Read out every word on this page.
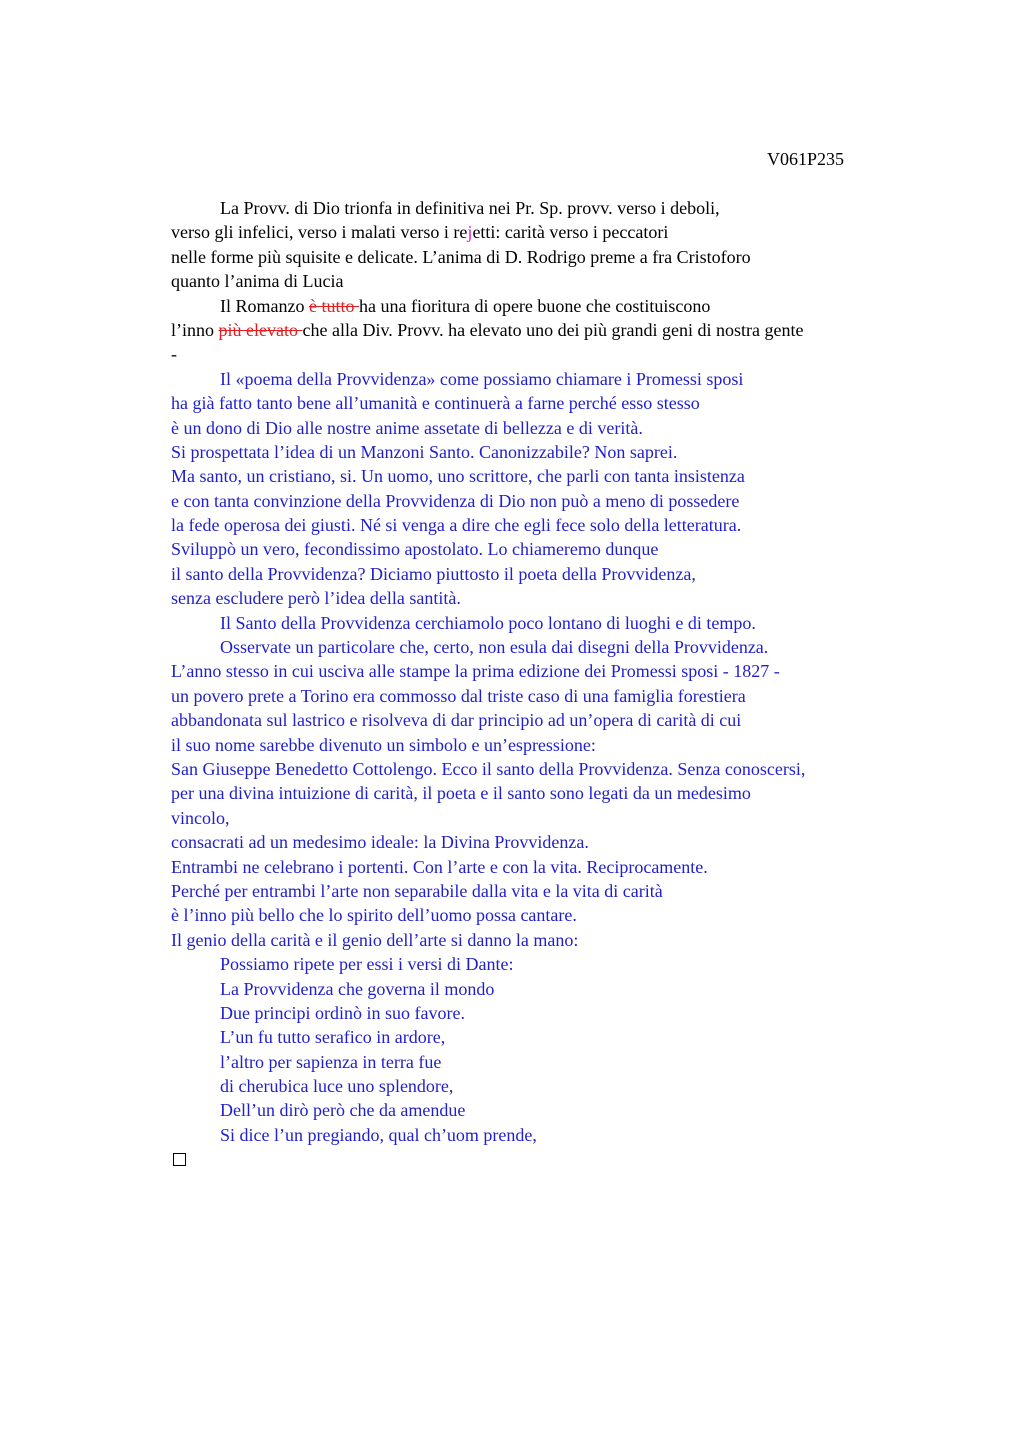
V061P235
La Provv. di Dio trionfa in definitiva nei Pr. Sp. provv. verso i deboli,
verso gli infelici, verso i malati verso i rejetti: carità verso i peccatori
nelle forme più squisite e delicate. L’anima di D. Rodrigo preme a fra Cristoforo
quanto l’anima di Lucia
Il Romanzo è tutto ha una fioritura di opere buone che costituiscono
l’inno più elevato che alla Div. Provv. ha elevato uno dei più grandi geni di nostra gente
-
Il «poema della Provvidenza» come possiamo chiamare i Promessi sposi
ha già fatto tanto bene all’umanità e continuerà a farne perché esso stesso
è un dono di Dio alle nostre anime assetate di bellezza e di verità.
Si prospettata l’idea di un Manzoni Santo. Canonizzabile? Non saprei.
Ma santo, un cristiano, si. Un uomo, uno scrittore, che parli con tanta insistenza
e con tanta convinzione della Provvidenza di Dio non può a meno di possedere
la fede operosa dei giusti. Né si venga a dire che egli fece solo della letteratura.
Sviluppò un vero, fecondissimo apostolato. Lo chiameremo dunque
il santo della Provvidenza? Diciamo piuttosto il poeta della Provvidenza,
senza escludere però l’idea della santità.
Il Santo della Provvidenza cerchiamolo poco lontano di luoghi e di tempo.
Osservate un particolare che, certo, non esula dai disegni della Provvidenza.
L’anno stesso in cui usciva alle stampe la prima edizione dei Promessi sposi - 1827 -
un povero prete a Torino era commosso dal triste caso di una famiglia forestiera
abbandonata sul lastrico e risolveva di dar principio ad un’opera di carità di cui
il suo nome sarebbe divenuto un simbolo e un’espressione:
San Giuseppe Benedetto Cottolengo. Ecco il santo della Provvidenza. Senza conoscersi,
per una divina intuizione di carità, il poeta e il santo sono legati da un medesimo
vincolo,
consacrati ad un medesimo ideale: la Divina Provvidenza.
Entrambi ne celebrano i portenti. Con l’arte e con la vita. Reciprocamente.
Perché per entrambi l’arte non separabile dalla vita e la vita di carità
è l’inno più bello che lo spirito dell’uomo possa cantare.
Il genio della carità e il genio dell’arte si danno la mano:
Possiamo ripete per essi i versi di Dante:
La Provvidenza che governa il mondo
Due principi ordinò in suo favore.
L’un fu tutto serafico in ardore,
l’altro per sapienza in terra fue
di cherubica luce uno splendore,
Dell’un dirò però che da amendue
Si dice l’un pregiando, qual ch’uom prende,
